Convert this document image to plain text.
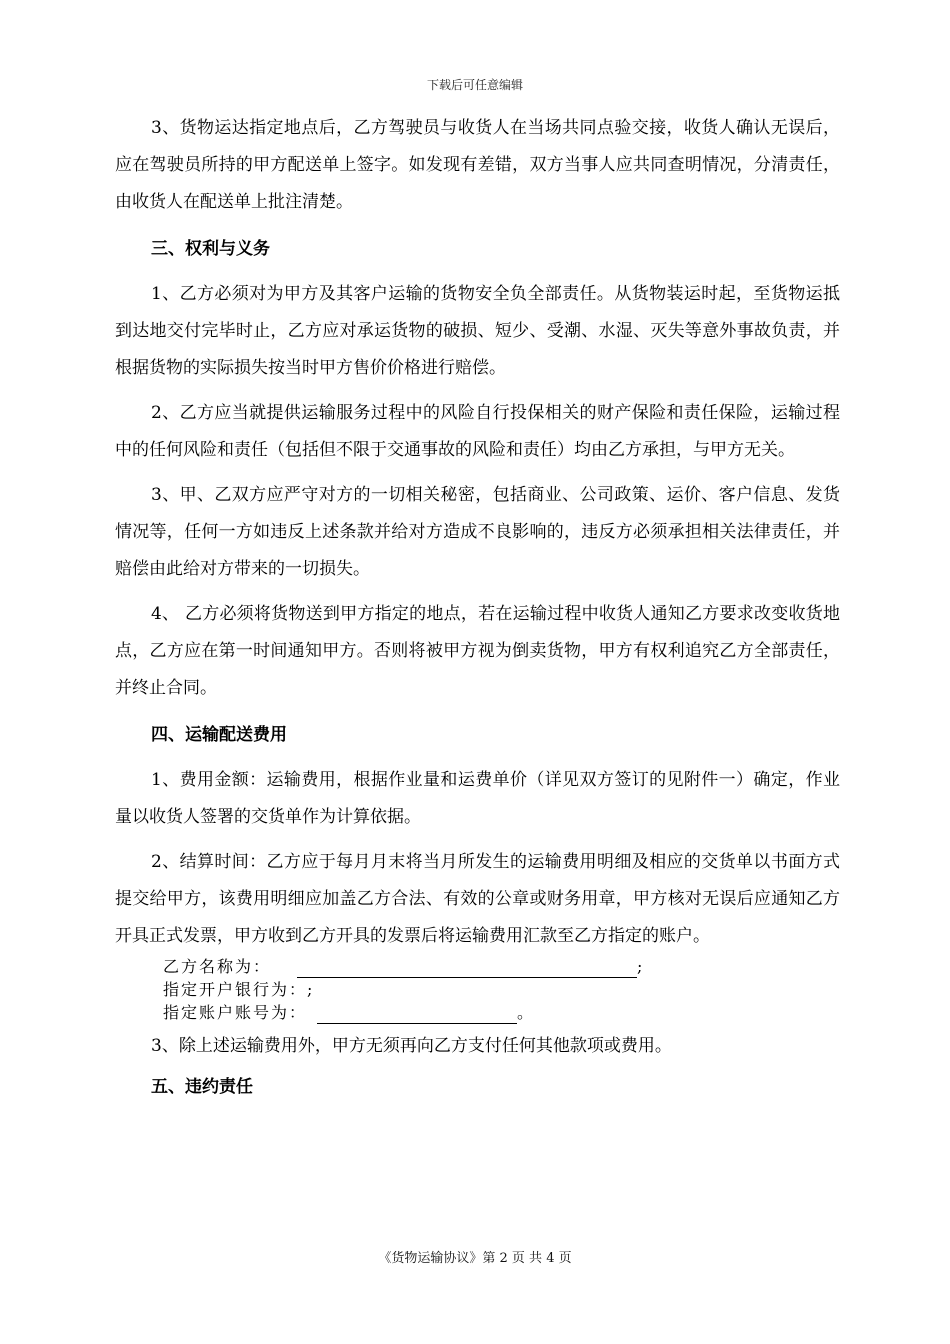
下载后可任意编辑

3、货物运达指定地点后，乙方驾驶员与收货人在当场共同点验交接，收货人确认无误后，应在驾驶员所持的甲方配送单上签字。如发现有差错，双方当事人应共同查明情况，分清责任，由收货人在配送单上批注清楚。

三、权利与义务

1、乙方必须对为甲方及其客户运输的货物安全负全部责任。从货物装运时起，至货物运抵到达地交付完毕时止，乙方应对承运货物的破损、短少、受潮、水湿、灭失等意外事故负责，并根据货物的实际损失按当时甲方售价价格进行赔偿。

2、乙方应当就提供运输服务过程中的风险自行投保相关的财产保险和责任保险，运输过程中的任何风险和责任（包括但不限于交通事故的风险和责任）均由乙方承担，与甲方无关。

3、甲、乙双方应严守对方的一切相关秘密，包括商业、公司政策、运价、客户信息、发货情况等，任何一方如违反上述条款并给对方造成不良影响的，违反方必须承担相关法律责任，并赔偿由此给对方带来的一切损失。

4、 乙方必须将货物送到甲方指定的地点，若在运输过程中收货人通知乙方要求改变收货地点，乙方应在第一时间通知甲方。否则将被甲方视为倒卖货物，甲方有权利追究乙方全部责任，并终止合同。

四、运输配送费用

1、费用金额：运输费用，根据作业量和运费单价（详见双方签订的见附件一）确定，作业量以收货人签署的交货单作为计算依据。

2、结算时间：乙方应于每月月末将当月所发生的运输费用明细及相应的交货单以书面方式提交给甲方，该费用明细应加盖乙方合法、有效的公章或财务用章，甲方核对无误后应通知乙方开具正式发票，甲方收到乙方开具的发票后将运输费用汇款至乙方指定的账户。

乙方名称为：	;
指定开户银行为：;
指定账户账号为：	。

3、除上述运输费用外，甲方无须再向乙方支付任何其他款项或费用。

五、违约责任
《货物运输协议》第 2 页 共 4 页
